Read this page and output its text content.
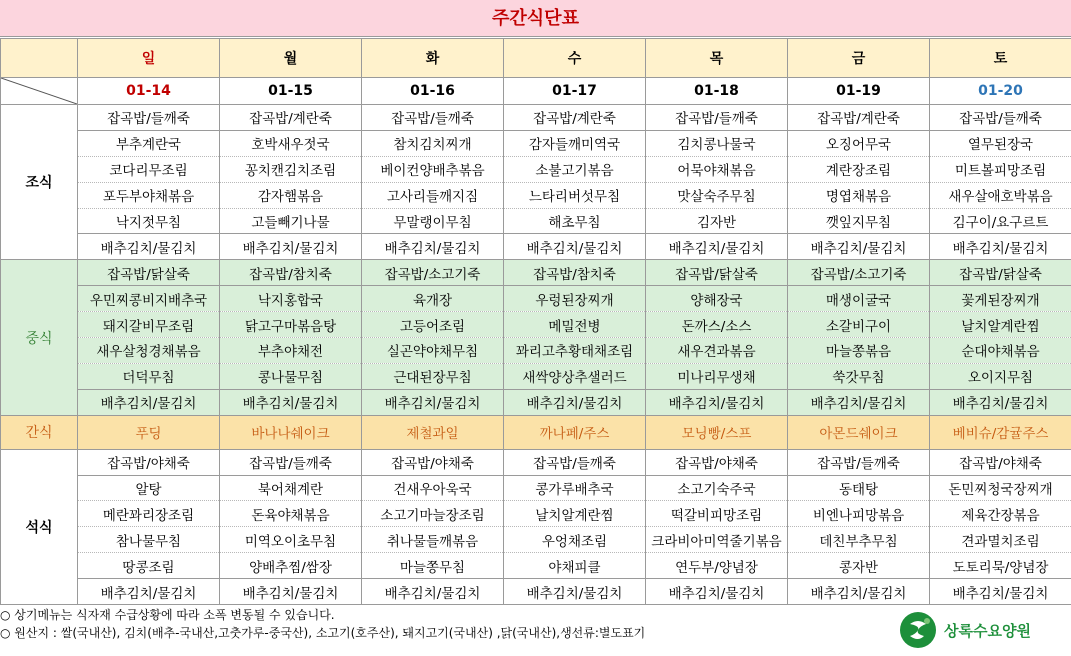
주간식단표
	일	월	화	수	목	금	토

	01-14	01-15	01-16	01-17	01-18	01-19	01-20
조식	잡곡밥/들깨죽	잡곡밥/계란죽	잡곡밥/들깨죽	잡곡밥/계란죽	잡곡밥/들깨죽	잡곡밥/계란죽	잡곡밥/들깨죽
	부추계란국	호박새우젓국	참치김치찌개	감자들깨미역국	김치콩나물국	오징어무국	열무된장국
	코다리무조림	꽁치캔김치조림	베이컨양배추볶음	소불고기볶음	어묵야채볶음	계란장조림	미트볼피망조림
	포두부야채볶음	감자햄볶음	고사리들깨지짐	느타리버섯무침	맛살숙주무침	명엽채볶음	새우살애호박볶음
	낙지젓무침	고들빼기나물	무말랭이무침	해초무침	김자반	깻잎지무침	김구이/요구르트
	배추김치/물김치	배추김치/물김치	배추김치/물김치	배추김치/물김치	배추김치/물김치	배추김치/물김치	배추김치/물김치
중식	잡곡밥/닭살죽	잡곡밥/참치죽	잡곡밥/소고기죽	잡곡밥/참치죽	잡곡밥/닭살죽	잡곡밥/소고기죽	잡곡밥/닭살죽
	우민찌콩비지배추국	낙지홍합국	육개장	우렁된장찌개	양해장국	매생이굴국	꽃게된장찌개
	돼지갈비무조림	닭고구마볶음탕	고등어조림	메밀전병	돈까스/소스	소갈비구이	날치알계란찜
	새우살청경채볶음	부추야채전	실곤약야채무침	꽈리고추황태채조림	새우견과볶음	마늘쫑볶음	순대야채볶음
	더덕무침	콩나물무침	근대된장무침	새싹양상추샐러드	미나리무생채	쑥갓무침	오이지무침
	배추김치/물김치	배추김치/물김치	배추김치/물김치	배추김치/물김치	배추김치/물김치	배추김치/물김치	배추김치/물김치
간식	푸딩	바나나쉐이크	제철과일	까나페/주스	모닝빵/스프	아몬드쉐이크	베비슈/감귤주스
석식	잡곡밥/야채죽	잡곡밥/들깨죽	잡곡밥/야채죽	잡곡밥/들깨죽	잡곡밥/야채죽	잡곡밥/들깨죽	잡곡밥/야채죽
	알탕	북어채계란	건새우아욱국	콩가루배추국	소고기숙주국	동태탕	돈민찌청국장찌개
	메란꽈리장조림	돈육야채볶음	소고기마늘장조림	날치알계란찜	떡갈비피망조림	비엔나피망볶음	제육간장볶음
	참나물무침	미역오이초무침	취나물들깨볶음	우엉채조림	크라비아미역줄기볶음	데친부추무침	견과멸치조림
	땅콩조림	양배추찜/쌈장	마늘쫑무침	야채피클	연두부/양념장	콩자반	도토리묵/양념장
	배추김치/물김치	배추김치/물김치	배추김치/물김치	배추김치/물김치	배추김치/물김치	배추김치/물김치	배추김치/물김치
○ 상기메뉴는 식자재 수급상황에 따라 소폭 변동될 수 있습니다.
○ 원산지 : 쌀(국내산), 김치(배추-국내산,고춧가루-중국산), 소고기(호주산), 돼지고기(국내산) ,닭(국내산),생선류:별도표기	상록수요양원
